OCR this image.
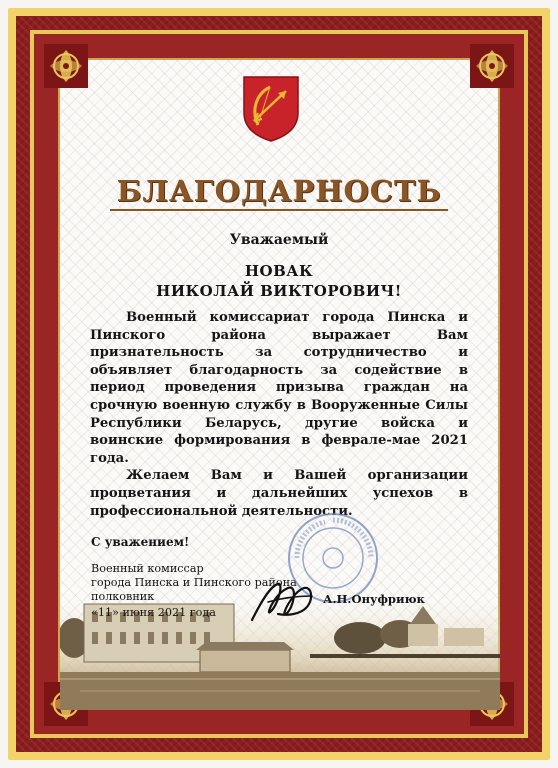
БЛАГОДАРНОСТЬ
Уважаемый
НОВАК
НИКОЛАЙ ВИКТОРОВИЧ!

Военный комиссариат города Пинска и Пинского района выражает Вам признательность за сотрудничество и объявляет благодарность за содействие в период проведения призыва граждан на срочную военную службу в Вооруженные Силы Республики Беларусь, другие войска и воинские формирования в феврале-мае 2021 года.

Желаем Вам и Вашей организации процветания и дальнейших успехов в профессиональной деятельности.

С уважением!
Военный комиссар
города Пинска и Пинского района
полковник
«11» июня 2021 года
А.Н.Онуфриюк
